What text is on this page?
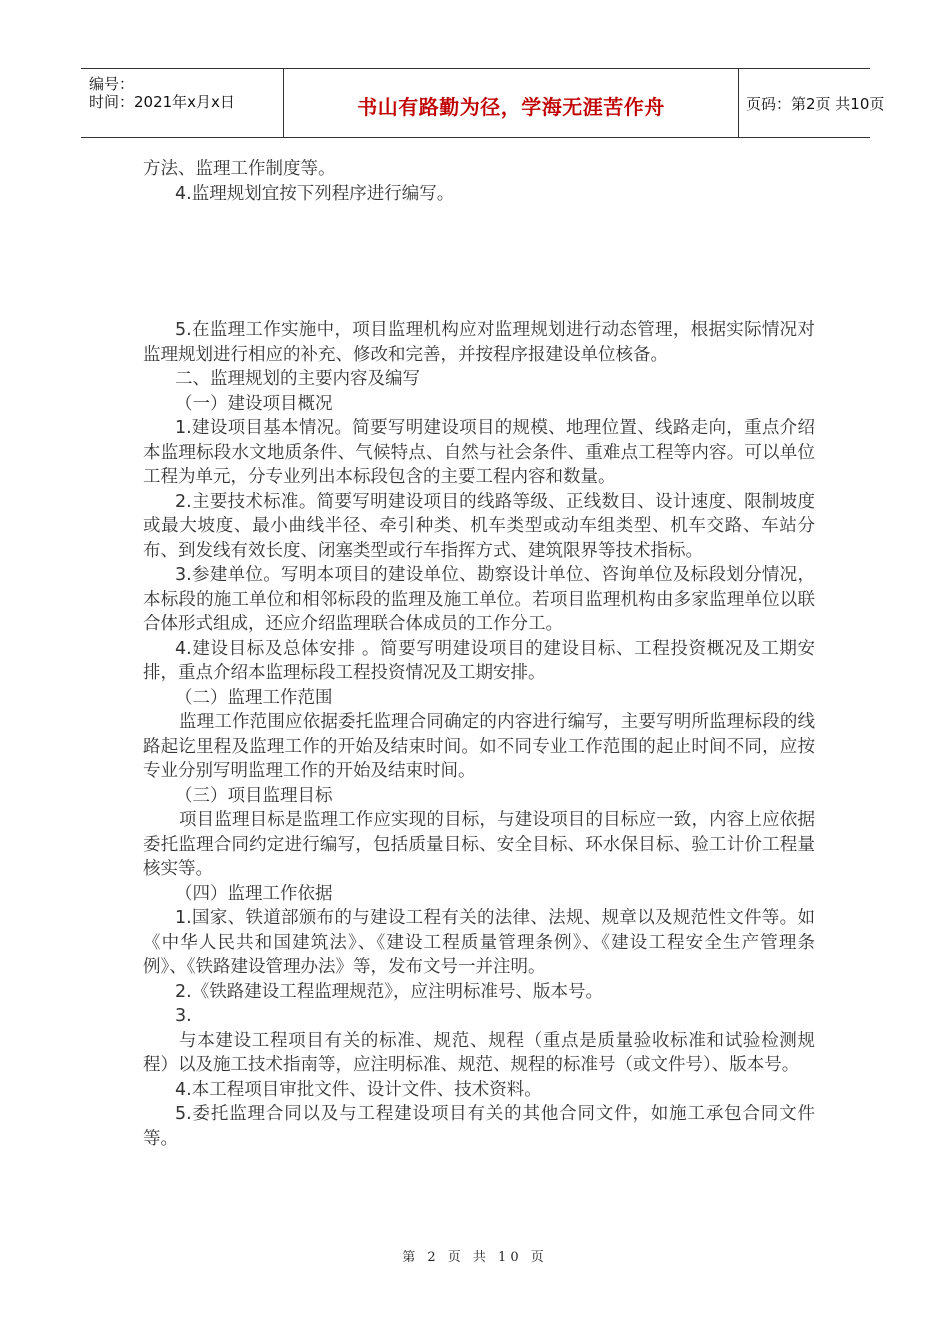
编号：
时间：2021年x月x日	书山有路勤为径，学海无涯苦作舟	页码：第2页 共10页

方法、监理工作制度等。

4.监理规划宜按下列程序进行编写。

5.在监理工作实施中，项目监理机构应对监理规划进行动态管理，根据实际情况对监理规划进行相应的补充、修改和完善，并按程序报建设单位核备。

二、监理规划的主要内容及编写

（一）建设项目概况

1.建设项目基本情况。简要写明建设项目的规模、地理位置、线路走向，重点介绍本监理标段水文地质条件、气候特点、自然与社会条件、重难点工程等内容。可以单位工程为单元，分专业列出本标段包含的主要工程内容和数量。

2.主要技术标准。简要写明建设项目的线路等级、正线数目、设计速度、限制坡度或最大坡度、最小曲线半径、牵引种类、机车类型或动车组类型、机车交路、车站分布、到发线有效长度、闭塞类型或行车指挥方式、建筑限界等技术指标。

3.参建单位。写明本项目的建设单位、勘察设计单位、咨询单位及标段划分情况，本标段的施工单位和相邻标段的监理及施工单位。若项目监理机构由多家监理单位以联合体形式组成，还应介绍监理联合体成员的工作分工。

4.建设目标及总体安排 。简要写明建设项目的建设目标、工程投资概况及工期安排，重点介绍本监理标段工程投资情况及工期安排。

（二）监理工作范围

监理工作范围应依据委托监理合同确定的内容进行编写，主要写明所监理标段的线路起讫里程及监理工作的开始及结束时间。如不同专业工作范围的起止时间不同，应按专业分别写明监理工作的开始及结束时间。

（三）项目监理目标

项目监理目标是监理工作应实现的目标，与建设项目的目标应一致，内容上应依据委托监理合同约定进行编写，包括质量目标、安全目标、环水保目标、验工计价工程量核实等。

（四）监理工作依据

1.国家、铁道部颁布的与建设工程有关的法律、法规、规章以及规范性文件等。如《中华人民共和国建筑法》、《建设工程质量管理条例》、《建设工程安全生产管理条例》、《铁路建设管理办法》等，发布文号一并注明。

2.《铁路建设工程监理规范》，应注明标准号、版本号。

3.

与本建设工程项目有关的标准、规范、规程（重点是质量验收标准和试验检测规程）以及施工技术指南等，应注明标准、规范、规程的标准号（或文件号）、版本号。

4.本工程项目审批文件、设计文件、技术资料。

5.委托监理合同以及与工程建设项目有关的其他合同文件，如施工承包合同文件等。

第 2 页 共 10 页
